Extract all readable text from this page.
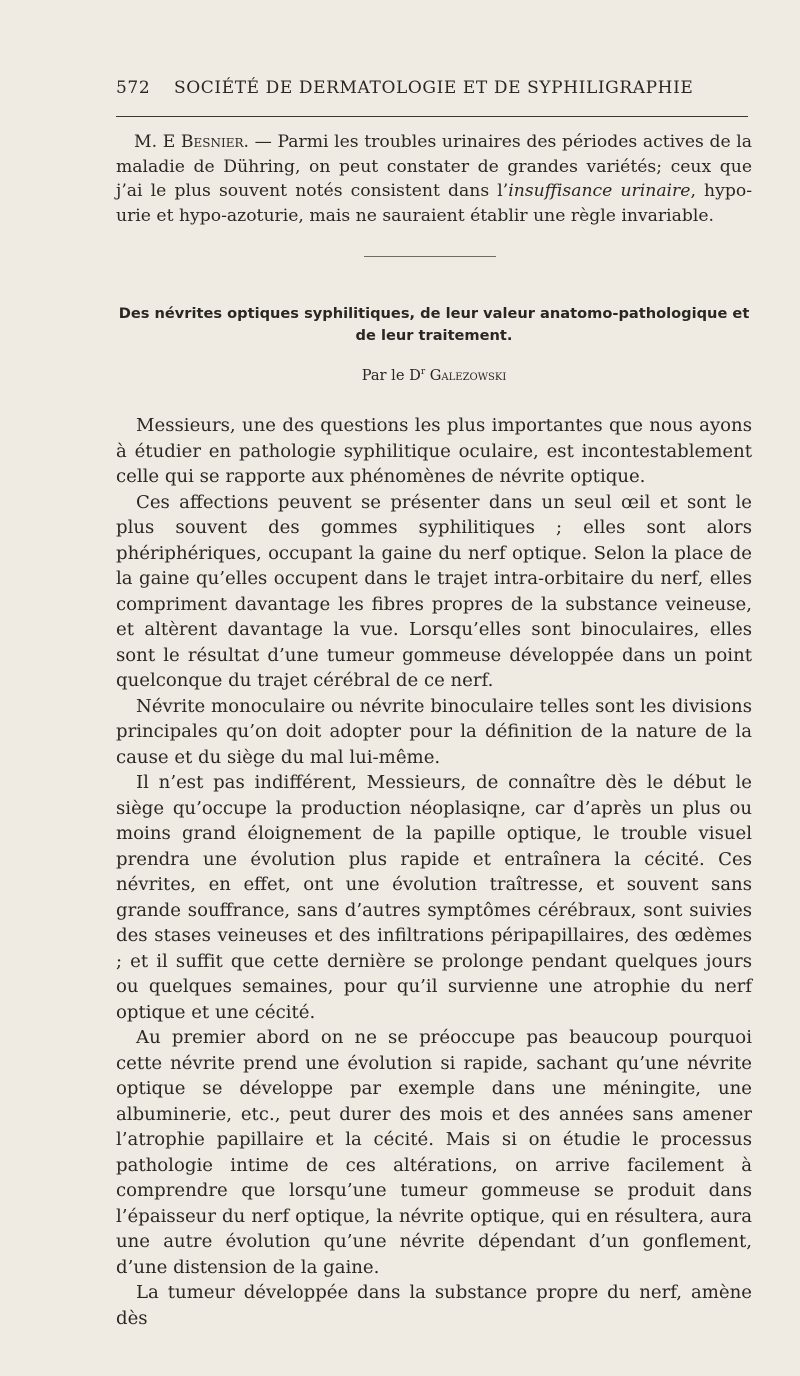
572 SOCIÉTÉ DE DERMATOLOGIE ET DE SYPHILIGRAPHIE

M. E Besnier. — Parmi les troubles urinaires des périodes actives de la maladie de Dühring, on peut constater de grandes variétés; ceux que j’ai le plus souvent notés consistent dans l’insuffisance urinaire, hypourie et hypo-azoturie, mais ne sauraient établir une règle invariable.

Des névrites optiques syphilitiques, de leur valeur anatomo-pathologique et de leur traitement.
Par le $D^r$ Galezowski

Messieurs, une des questions les plus importantes que nous ayons à étudier en pathologie syphilitique oculaire, est incontestablement celle qui se rapporte aux phénomènes de névrite optique.

Ces affections peuvent se présenter dans un seul œil et sont le plus souvent des gommes syphilitiques ; elles sont alors phériphériques, occupant la gaine du nerf optique. Selon la place de la gaine qu’elles occupent dans le trajet intra-orbitaire du nerf, elles compriment davantage les fibres propres de la substance veineuse, et altèrent davantage la vue. Lorsqu’elles sont binoculaires, elles sont le résultat d’une tumeur gommeuse développée dans un point quelconque du trajet cérébral de ce nerf.

Névrite monoculaire ou névrite binoculaire telles sont les divisions principales qu’on doit adopter pour la définition de la nature de la cause et du siège du mal lui-même.

Il n’est pas indifférent, Messieurs, de connaître dès le début le siège qu’occupe la production néoplasiqne, car d’après un plus ou moins grand éloignement de la papille optique, le trouble visuel prendra une évolution plus rapide et entraînera la cécité. Ces névrites, en effet, ont une évolution traîtresse, et souvent sans grande souffrance, sans d’autres symptômes cérébraux, sont suivies des stases veineuses et des infiltrations péripapillaires, des œdèmes ; et il suffit que cette dernière se prolonge pendant quelques jours ou quelques semaines, pour qu’il survienne une atrophie du nerf optique et une cécité.

Au premier abord on ne se préoccupe pas beaucoup pourquoi cette névrite prend une évolution si rapide, sachant qu’une névrite optique se développe par exemple dans une méningite, une albuminerie, etc., peut durer des mois et des années sans amener l’atrophie papillaire et la cécité. Mais si on étudie le processus pathologie intime de ces altérations, on arrive facilement à comprendre que lorsqu’une tumeur gommeuse se produit dans l’épaisseur du nerf optique, la névrite optique, qui en résultera, aura une autre évolution qu’une névrite dépendant d’un gonflement, d’une distension de la gaine.

La tumeur développée dans la substance propre du nerf, amène dès
